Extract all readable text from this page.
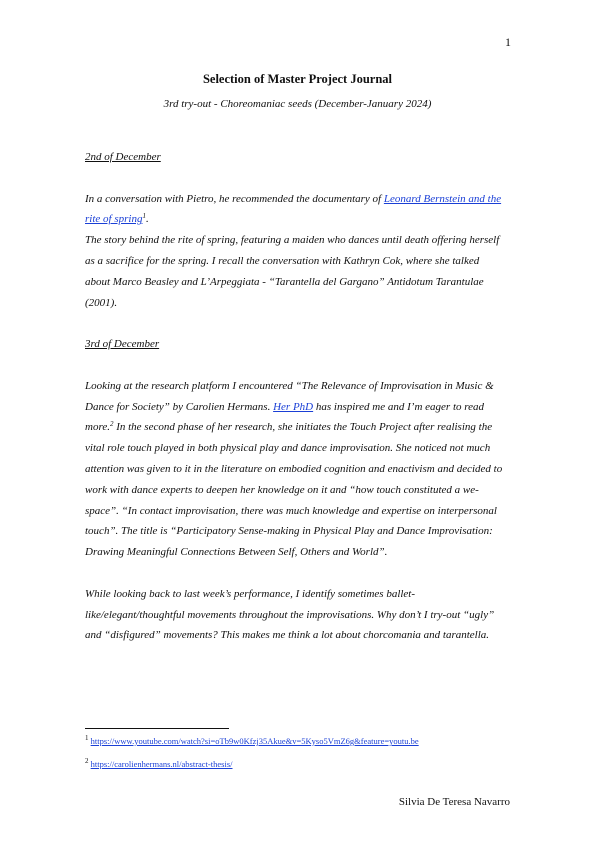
1
Selection of Master Project Journal
3rd try-out - Choreomaniac seeds (December-January 2024)

2nd of December

In a conversation with Pietro, he recommended the documentary of Leonard Bernstein and the rite of spring$^1$.

The story behind the rite of spring, featuring a maiden who dances until death offering herself as a sacrifice for the spring. I recall the conversation with Kathryn Cok, where she talked about Marco Beasley and L’Arpeggiata - “Tarantella del Gargano” Antidotum Tarantulae (2001).

3rd of December

Looking at the research platform I encountered “The Relevance of Improvisation in Music & Dance for Society” by Carolien Hermans. Her PhD has inspired me and I’m eager to read more.$^2$ In the second phase of her research, she initiates the Touch Project after realising the vital role touch played in both physical play and dance improvisation. She noticed not much attention was given to it in the literature on embodied cognition and enactivism and decided to work with dance experts to deepen her knowledge on it and “how touch constituted a we-space”. “In contact improvisation, there was much knowledge and expertise on interpersonal touch”. The title is “Participatory Sense-making in Physical Play and Dance Improvisation: Drawing Meaningful Connections Between Self, Others and World”.

While looking back to last week’s performance, I identify sometimes ballet-like/elegant/thoughtful movements throughout the improvisations. Why don’t I try-out “ugly” and “disfigured” movements? This makes me think a lot about chorcomania and tarantella.

$^1$ https://www.youtube.com/watch?si=oTb9w0Kfzj35Akue&v=5Kyso5VmZ6g&feature=youtu.be
$^2$ https://carolienhermans.nl/abstract-thesis/
Silvia De Teresa Navarro
